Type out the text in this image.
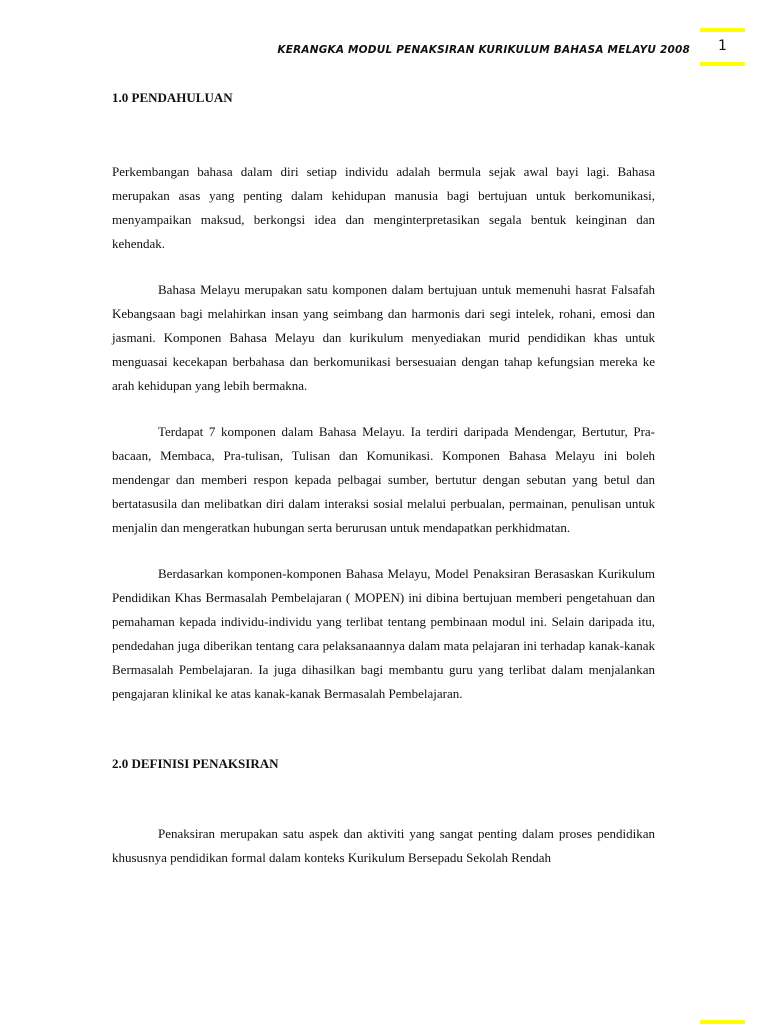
KERANGKA MODUL PENAKSIRAN KURIKULUM BAHASA MELAYU 2008	1
1.0 PENDAHULUAN

Perkembangan bahasa dalam diri setiap individu adalah bermula sejak awal bayi lagi. Bahasa merupakan asas yang penting dalam kehidupan manusia bagi bertujuan untuk berkomunikasi, menyampaikan maksud, berkongsi idea dan menginterpretasikan segala bentuk keinginan dan kehendak.

Bahasa Melayu merupakan satu komponen dalam bertujuan untuk memenuhi hasrat Falsafah Kebangsaan bagi melahirkan insan yang seimbang dan harmonis dari segi intelek, rohani, emosi dan jasmani. Komponen Bahasa Melayu dan kurikulum menyediakan murid pendidikan khas untuk menguasai kecekapan berbahasa dan berkomunikasi bersesuaian dengan tahap kefungsian mereka ke arah kehidupan yang lebih bermakna.

Terdapat 7 komponen dalam Bahasa Melayu. Ia terdiri daripada Mendengar, Bertutur, Pra-bacaan, Membaca, Pra-tulisan, Tulisan dan Komunikasi. Komponen Bahasa Melayu ini boleh mendengar dan memberi respon kepada pelbagai sumber, bertutur dengan sebutan yang betul dan bertatasusila dan melibatkan diri dalam interaksi sosial melalui perbualan, permainan, penulisan untuk menjalin dan mengeratkan hubungan serta berurusan untuk mendapatkan perkhidmatan.

Berdasarkan komponen-komponen Bahasa Melayu, Model Penaksiran Berasaskan Kurikulum Pendidikan Khas Bermasalah Pembelajaran ( MOPEN) ini dibina bertujuan memberi pengetahuan dan pemahaman kepada individu-individu yang terlibat tentang pembinaan modul ini. Selain daripada itu, pendedahan juga diberikan tentang cara pelaksanaannya dalam mata pelajaran ini terhadap kanak-kanak Bermasalah Pembelajaran. Ia juga dihasilkan bagi membantu guru yang terlibat dalam menjalankan pengajaran klinikal ke atas kanak-kanak Bermasalah Pembelajaran.

2.0 DEFINISI PENAKSIRAN

Penaksiran merupakan satu aspek dan aktiviti yang sangat penting dalam proses pendidikan khususnya pendidikan formal dalam konteks Kurikulum Bersepadu Sekolah Rendah
